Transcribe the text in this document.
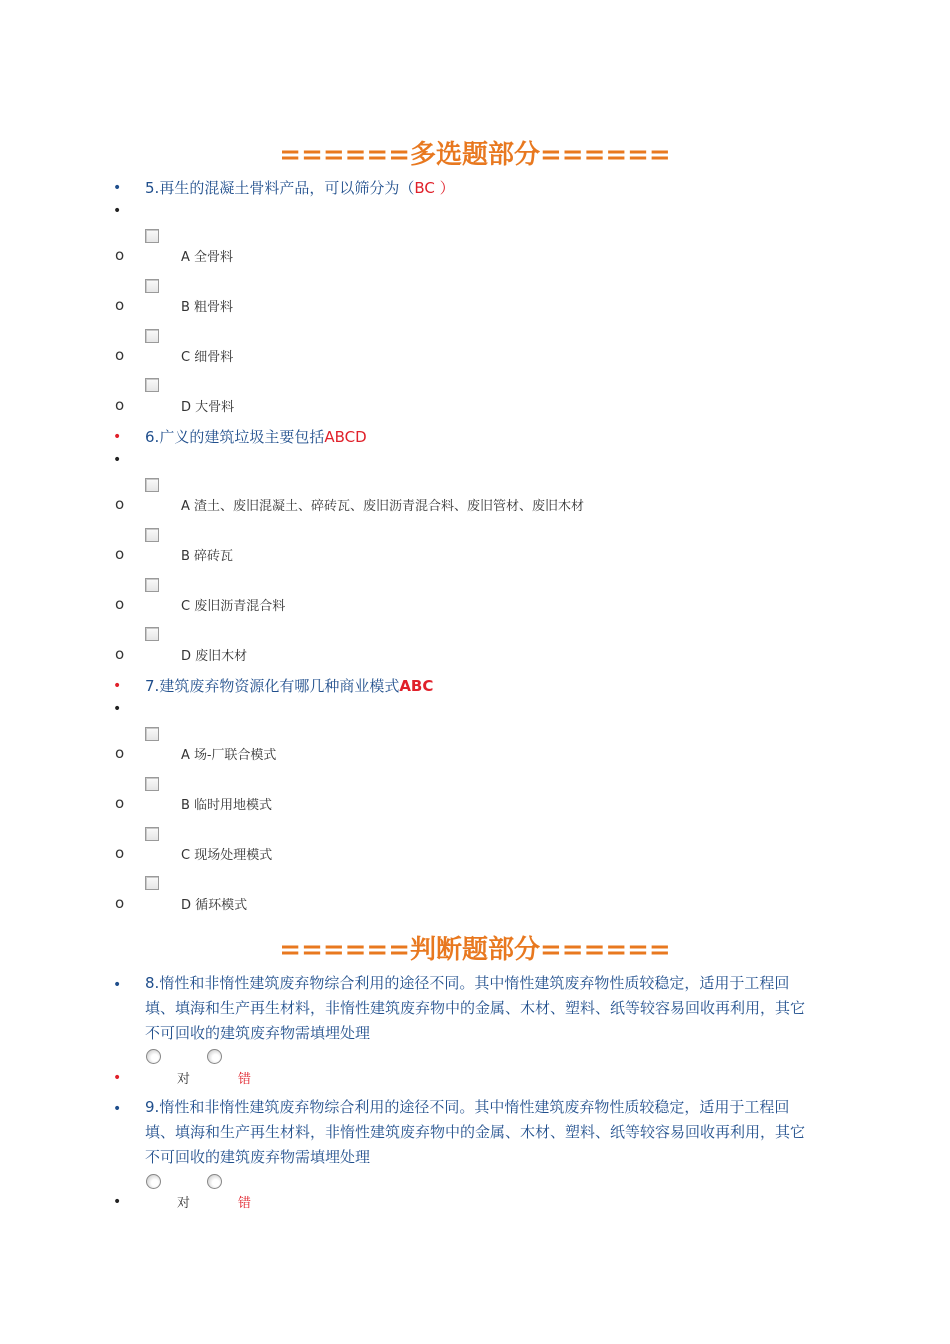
======多选题部分======
• 5.再生的混凝土骨料产品，可以筛分为（BC ）
•
o	A 全骨料
o	B 粗骨料
o	C 细骨料
o	D 大骨料
• 6.广义的建筑垃圾主要包括ABCD
•
o	A 渣土、废旧混凝土、碎砖瓦、废旧沥青混合料、废旧管材、废旧木材
o	B 碎砖瓦
o	C 废旧沥青混合料
o	D 废旧木材
• 7.建筑废弃物资源化有哪几种商业模式ABC
•
o	A 场-厂联合模式
o	B 临时用地模式
o	C 现场处理模式
o	D 循环模式
======判断题部分======
• 8.惰性和非惰性建筑废弃物综合利用的途径不同。其中惰性建筑废弃物性质较稳定，适用于工程回填、填海和生产再生材料，非惰性建筑废弃物中的金属、木材、塑料、纸等较容易回收再利用，其它不可回收的建筑废弃物需填埋处理
•	对	错
• 9.惰性和非惰性建筑废弃物综合利用的途径不同。其中惰性建筑废弃物性质较稳定，适用于工程回填、填海和生产再生材料，非惰性建筑废弃物中的金属、木材、塑料、纸等较容易回收再利用，其它不可回收的建筑废弃物需填埋处理
•	对	错
